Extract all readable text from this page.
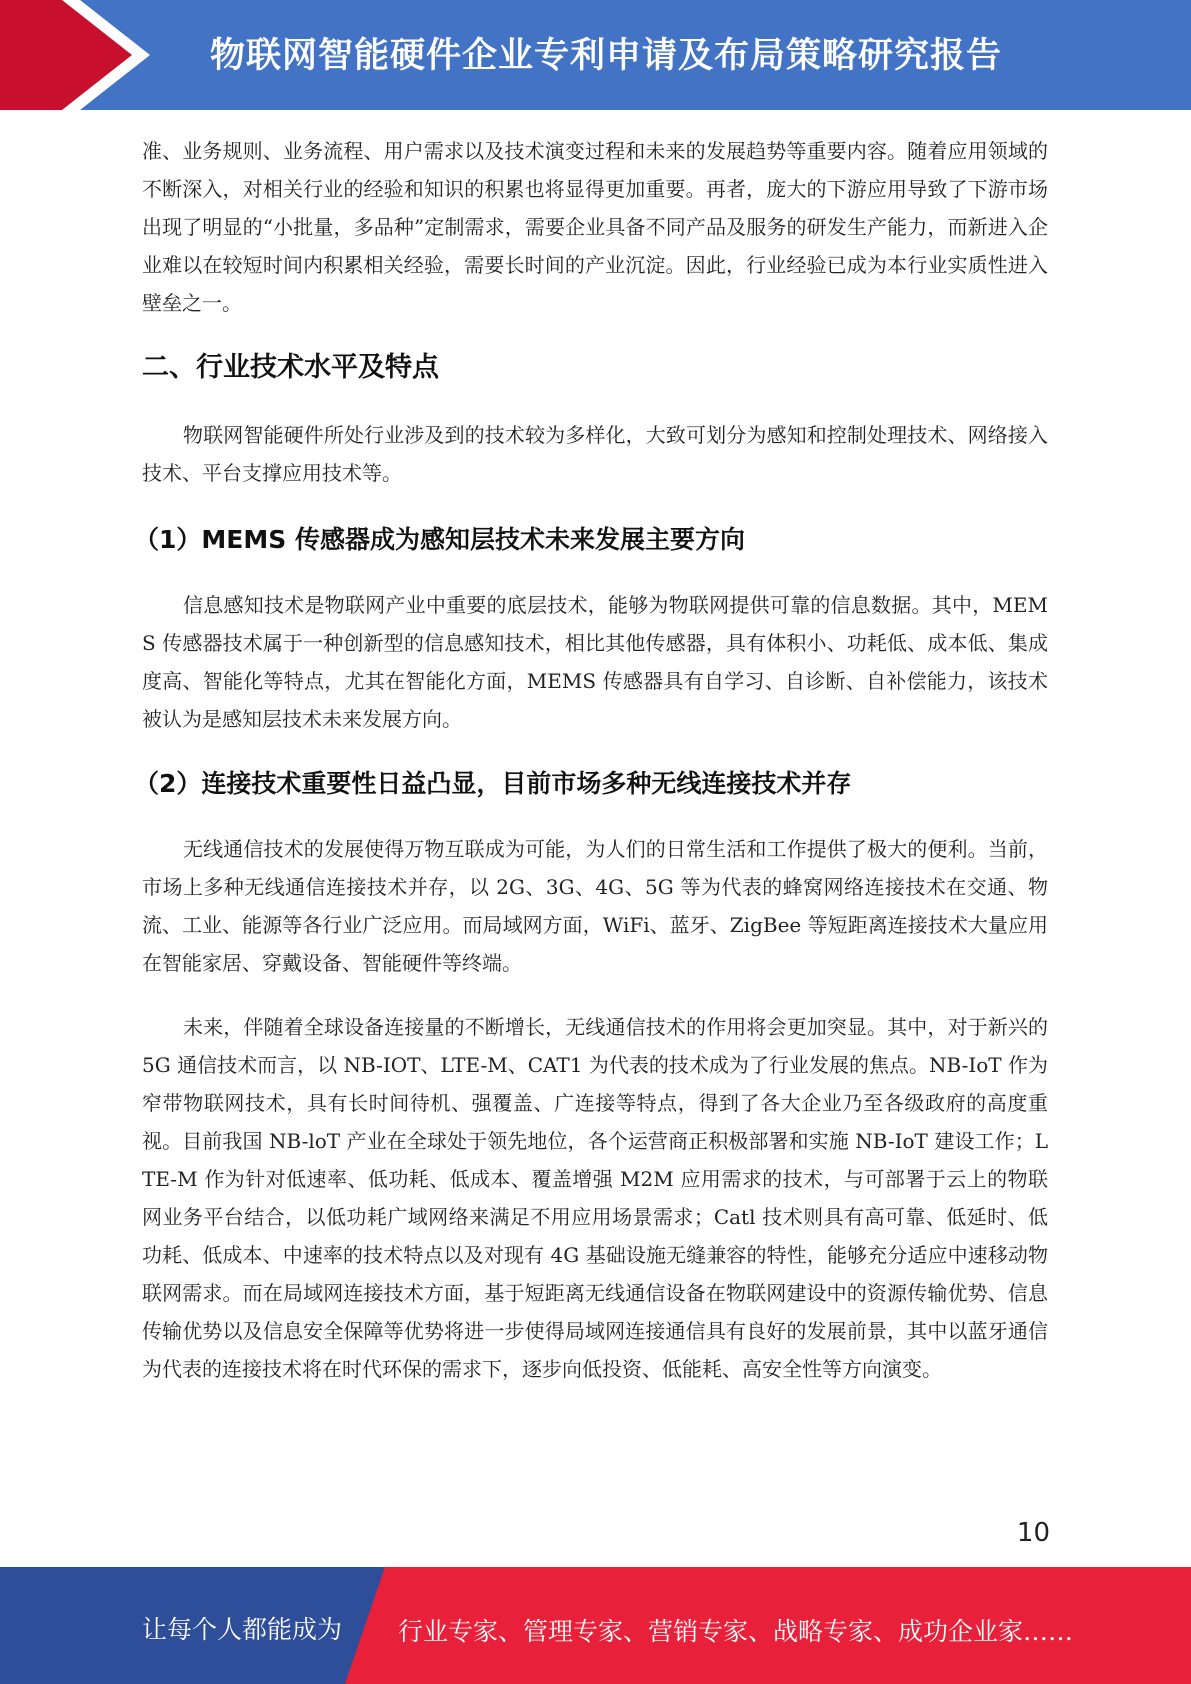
物联网智能硬件企业专利申请及布局策略研究报告

准、业务规则、业务流程、用户需求以及技术演变过程和未来的发展趋势等重要内容。随着应用领域的不断深入，对相关行业的经验和知识的积累也将显得更加重要。再者，庞大的下游应用导致了下游市场出现了明显的“小批量，多品种”定制需求，需要企业具备不同产品及服务的研发生产能力，而新进入企业难以在较短时间内积累相关经验，需要长时间的产业沉淀。因此，行业经验已成为本行业实质性进入壁垒之一。

二、行业技术水平及特点

物联网智能硬件所处行业涉及到的技术较为多样化，大致可划分为感知和控制处理技术、网络接入技术、平台支撑应用技术等。

（1）MEMS 传感器成为感知层技术未来发展主要方向

信息感知技术是物联网产业中重要的底层技术，能够为物联网提供可靠的信息数据。其中，MEMS 传感器技术属于一种创新型的信息感知技术，相比其他传感器，具有体积小、功耗低、成本低、集成度高、智能化等特点，尤其在智能化方面，MEMS 传感器具有自学习、自诊断、自补偿能力，该技术被认为是感知层技术未来发展方向。

（2）连接技术重要性日益凸显，目前市场多种无线连接技术并存

无线通信技术的发展使得万物互联成为可能，为人们的日常生活和工作提供了极大的便利。当前，市场上多种无线通信连接技术并存，以 2G、3G、4G、5G 等为代表的蜂窝网络连接技术在交通、物流、工业、能源等各行业广泛应用。而局域网方面，WiFi、蓝牙、ZigBee 等短距离连接技术大量应用在智能家居、穿戴设备、智能硬件等终端。

未来，伴随着全球设备连接量的不断增长，无线通信技术的作用将会更加突显。其中，对于新兴的 5G 通信技术而言，以 NB-IOT、LTE-M、CAT1 为代表的技术成为了行业发展的焦点。NB-IoT 作为窄带物联网技术，具有长时间待机、强覆盖、广连接等特点，得到了各大企业乃至各级政府的高度重视。目前我国 NB-loT 产业在全球处于领先地位，各个运营商正积极部署和实施 NB-IoT 建设工作；LTE-M 作为针对低速率、低功耗、低成本、覆盖增强 M2M 应用需求的技术，与可部署于云上的物联网业务平台结合，以低功耗广域网络来满足不用应用场景需求；Catl 技术则具有高可靠、低延时、低功耗、低成本、中速率的技术特点以及对现有 4G 基础设施无缝兼容的特性，能够充分适应中速移动物联网需求。而在局域网连接技术方面，基于短距离无线通信设备在物联网建设中的资源传输优势、信息传输优势以及信息安全保障等优势将进一步使得局域网连接通信具有良好的发展前景，其中以蓝牙通信为代表的连接技术将在时代环保的需求下，逐步向低投资、低能耗、高安全性等方向演变。

10
让每个人都能成为 行业专家、管理专家、营销专家、战略专家、成功企业家……
